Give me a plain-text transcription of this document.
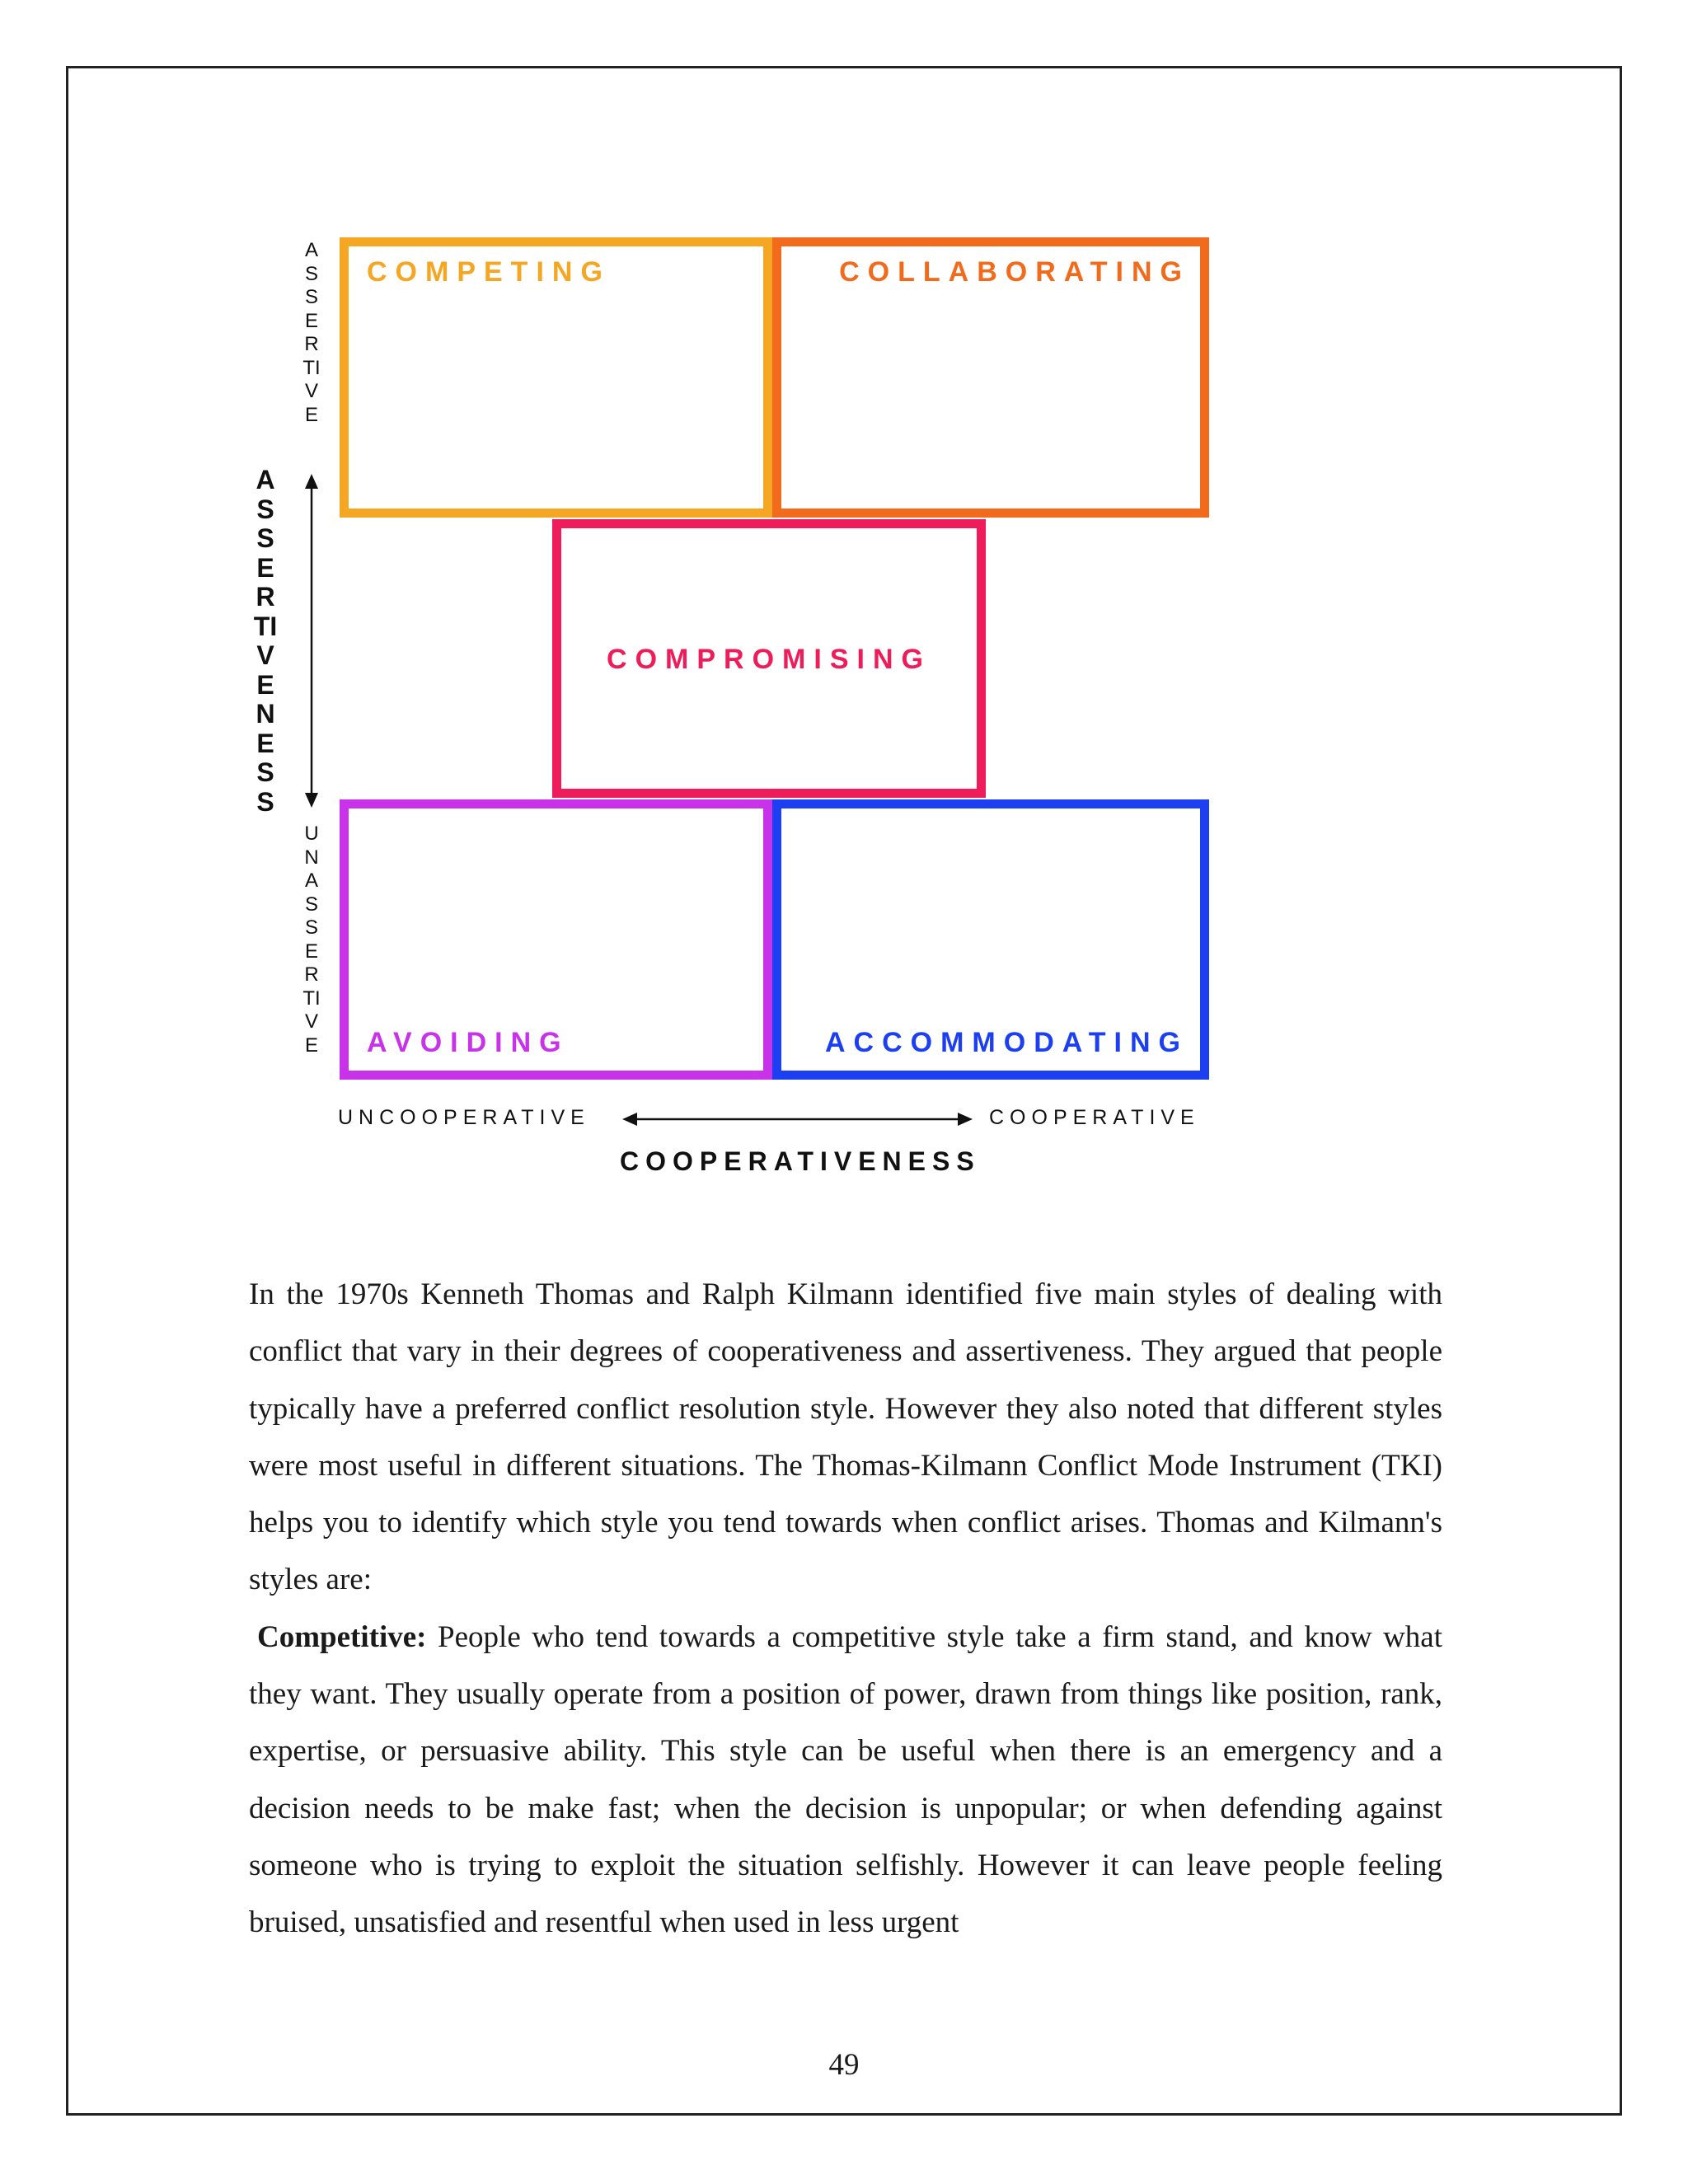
COMPETING	COLLABORATING
COMPROMISING
AVOIDING	ACCOMMODATING
ASSERTIVE
ASSERTIVENESS
UNASSERTIVE
UNCOOPERATIVE	COOPERATIVE
COOPERATIVENESS

In the 1970s Kenneth Thomas and Ralph Kilmann identified five main styles of dealing with conflict that vary in their degrees of cooperativeness and assertiveness. They argued that people typically have a preferred conflict resolution style. However they also noted that different styles were most useful in different situations. The Thomas-Kilmann Conflict Mode Instrument (TKI) helps you to identify which style you tend towards when conflict arises. Thomas and Kilmann's styles are:

Competitive: People who tend towards a competitive style take a firm stand, and know what they want. They usually operate from a position of power, drawn from things like position, rank, expertise, or persuasive ability. This style can be useful when there is an emergency and a decision needs to be make fast; when the decision is unpopular; or when defending against someone who is trying to exploit the situation selfishly. However it can leave people feeling bruised, unsatisfied and resentful when used in less urgent

49
